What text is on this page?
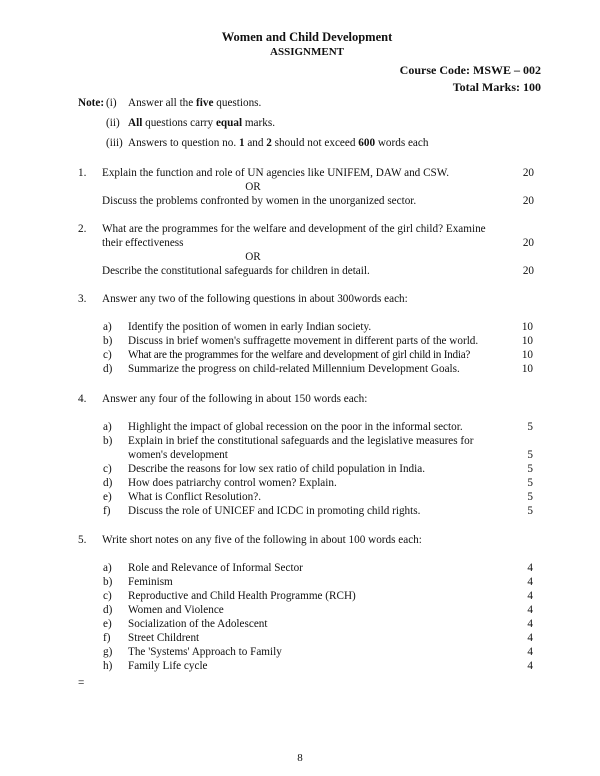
Women and Child Development
ASSIGNMENT
Course Code: MSWE – 002
Total Marks: 100
Note: (i)	Answer all the five questions.
(ii) All questions carry equal marks.
(iii) Answers to question no. 1 and 2 should not exceed 600 words each
1.	Explain the function and role of UN agencies like UNIFEM, DAW and CSW.	20
OR
Discuss the problems confronted by women in the unorganized sector.	20
2.	What are the programmes for the welfare and development of the girl child? Examine
their effectiveness	20
OR
Describe the constitutional safeguards for children in detail.	20
3.	Answer any two of the following questions in about 300words each:
a)	Identify the position of women in early Indian society.	10
b)	Discuss in brief women's suffragette movement in different parts of the world.	10
c)	What are the programmes for the welfare and development of girl child in India?	10
d)	Summarize the progress on child-related Millennium Development Goals.	10
4.	Answer any four of the following in about 150 words each:
a)	Highlight the impact of global recession on the poor in the informal sector.	5
b)	Explain in brief the constitutional safeguards and the legislative measures for
women's development	5
c)	Describe the reasons for low sex ratio of child population in India.	5
d)	How does patriarchy control women? Explain.	5
e)	What is Conflict Resolution?.	5
f)	Discuss the role of UNICEF and ICDC in promoting child rights.	5
5.	Write short notes on any five of the following in about 100 words each:
a)	Role and Relevance of Informal Sector	4
b)	Feminism	4
c)	Reproductive and Child Health Programme (RCH)	4
d)	Women and Violence	4
e)	Socialization of the Adolescent	4
f)	Street Childrent	4
g)	The 'Systems' Approach to Family	4
h)	Family Life cycle	4
=
8
